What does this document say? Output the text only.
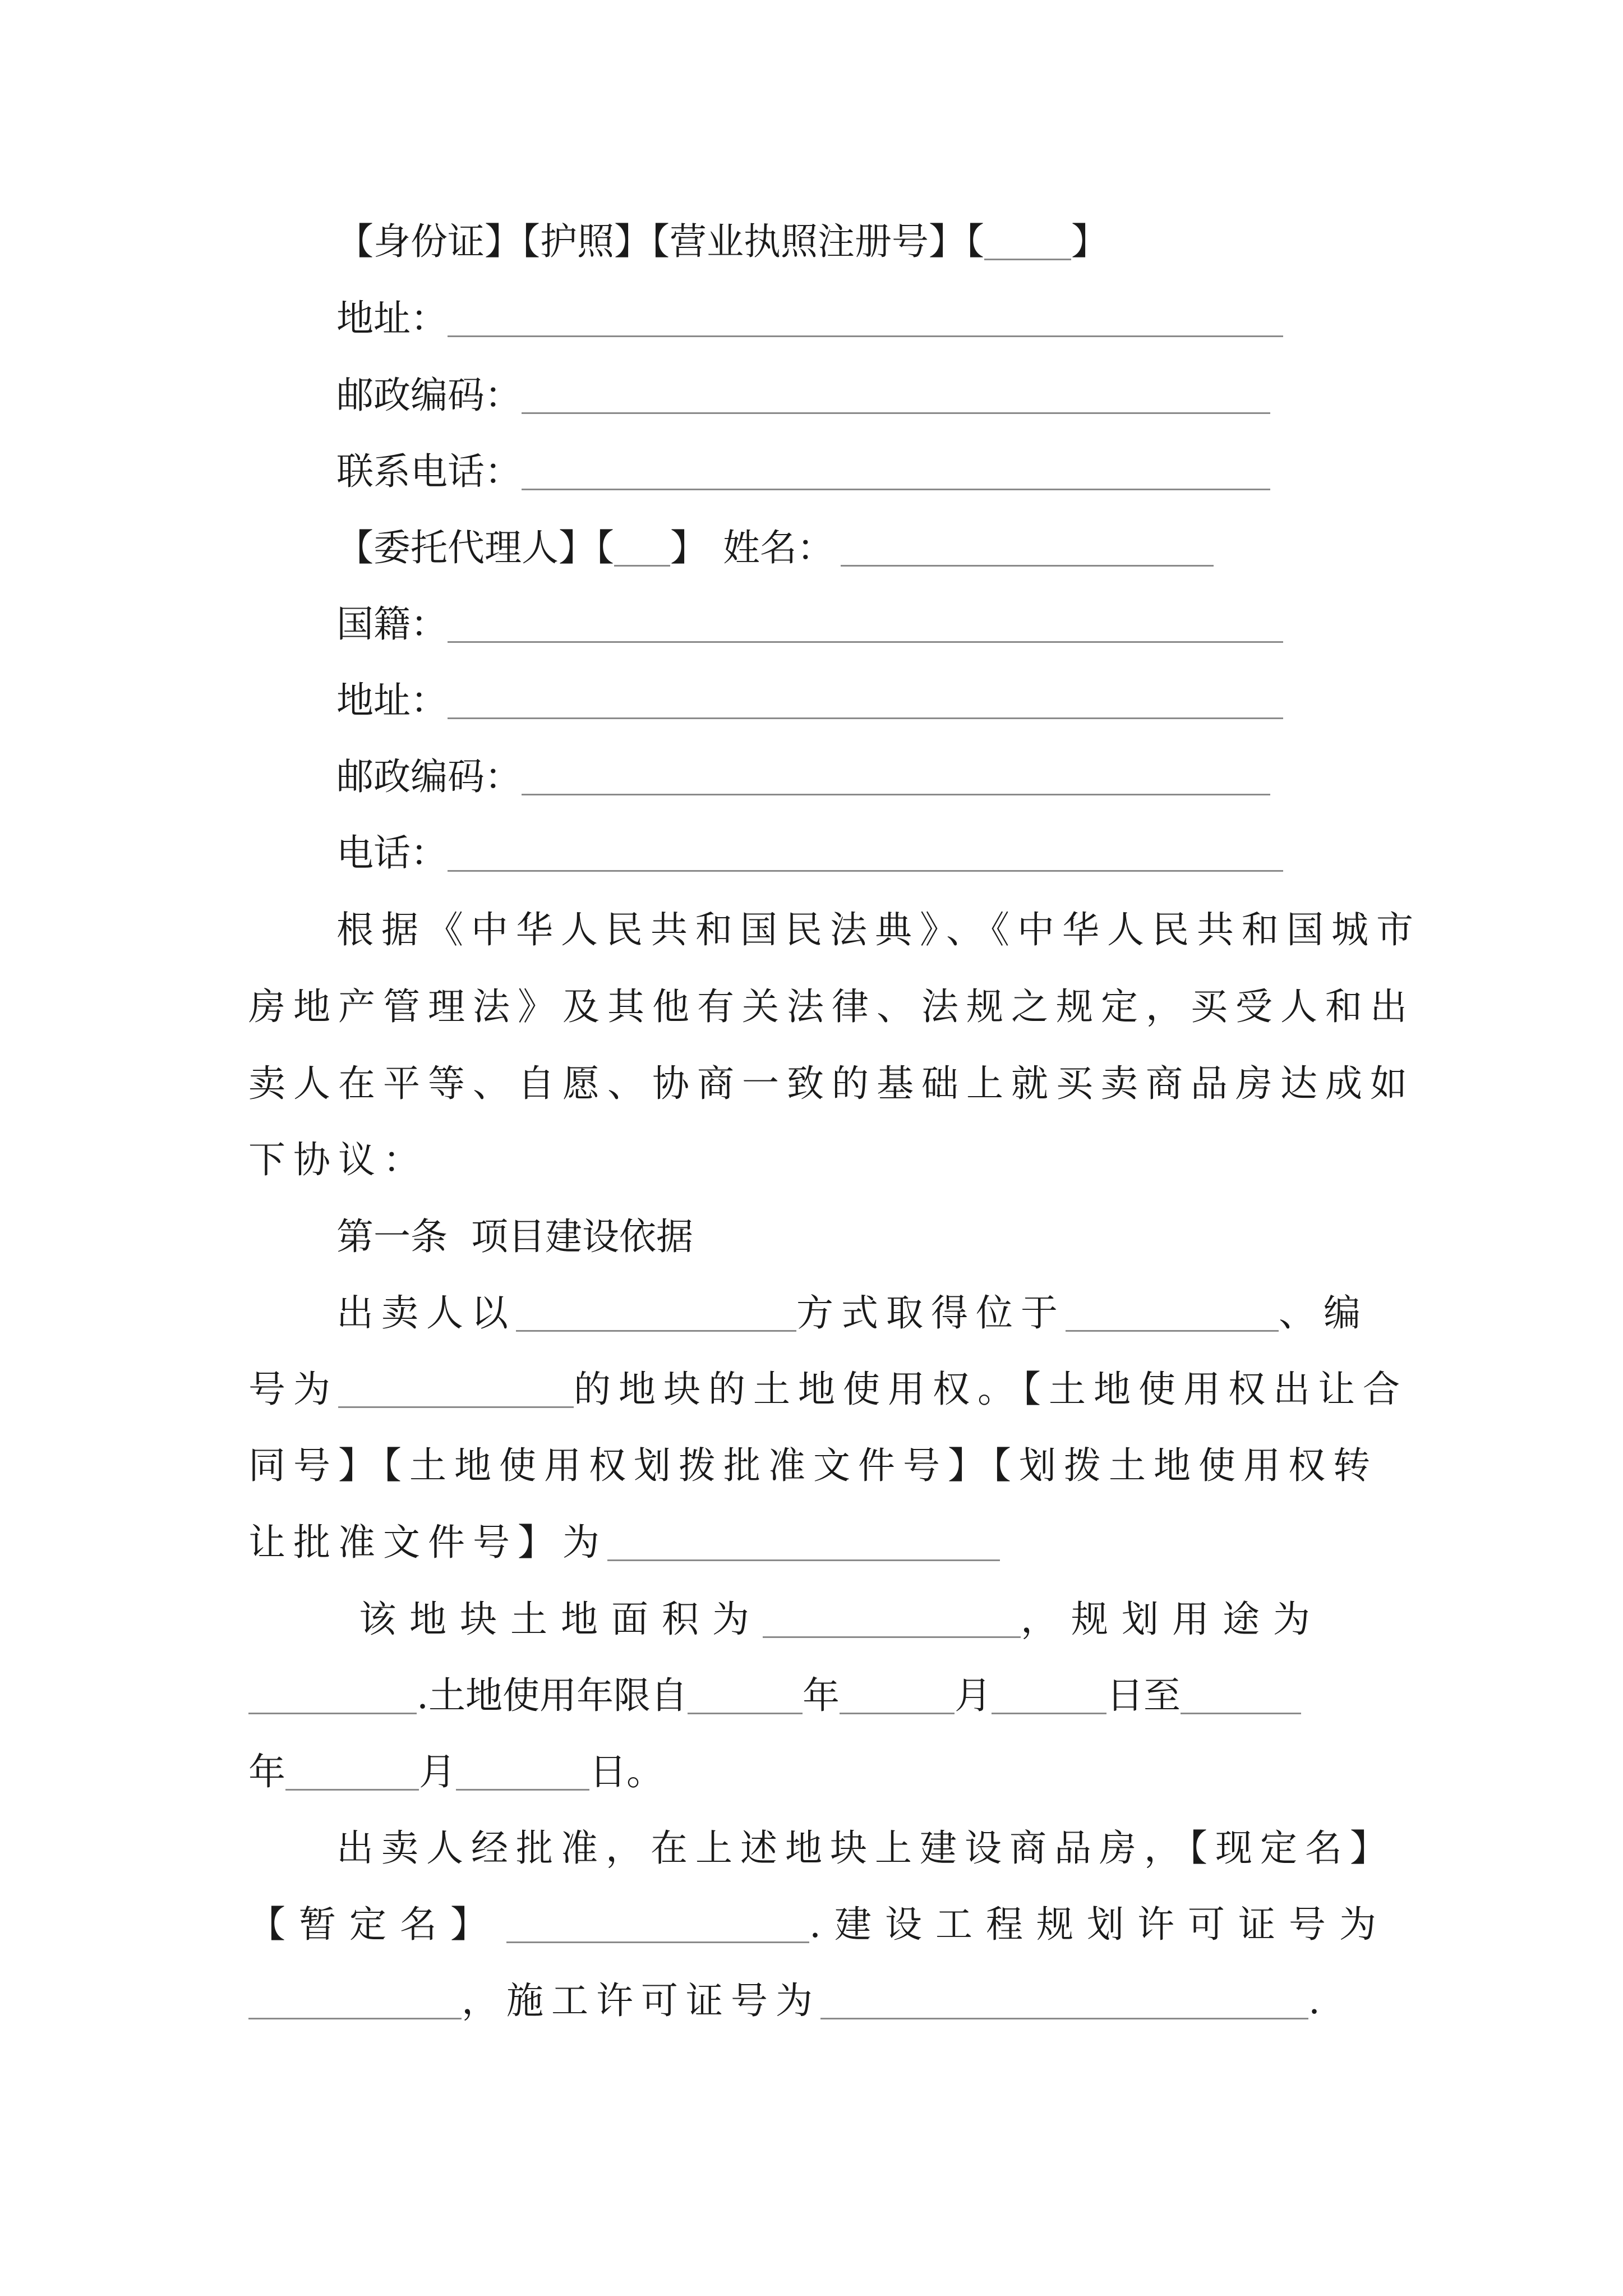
【身份证】【护照】【营业执照注册号】【 】
地址：
邮政编码：
联系电话：
【委托代理人】【 】 姓名：
国籍：
地址：
邮政编码：
电话：
根据《中华人民共和国民法典》、《中华人民共和国城市
房地产管理法》及其他有关法律、法规之规定，买受人和出
卖人在平等、自愿、协商一致的基础上就买卖商品房达成如
下协议：
第一条  项目建设依据
出卖人以	方式取得位于	、编
号为	的地块的土地使用权。【土地使用权出让合
同号】【土地使用权划拨批准文件号】【划拨土地使用权转
让批准文件号】为
该地块土地面积为	，规划用途为
.土地使用年限自	年	月	日至
年	月	日。
出卖人经批准，在上述地块上建设商品房，【现定名】
【暂定名】	.建设工程规划许可证号为
，施工许可证号为	.
